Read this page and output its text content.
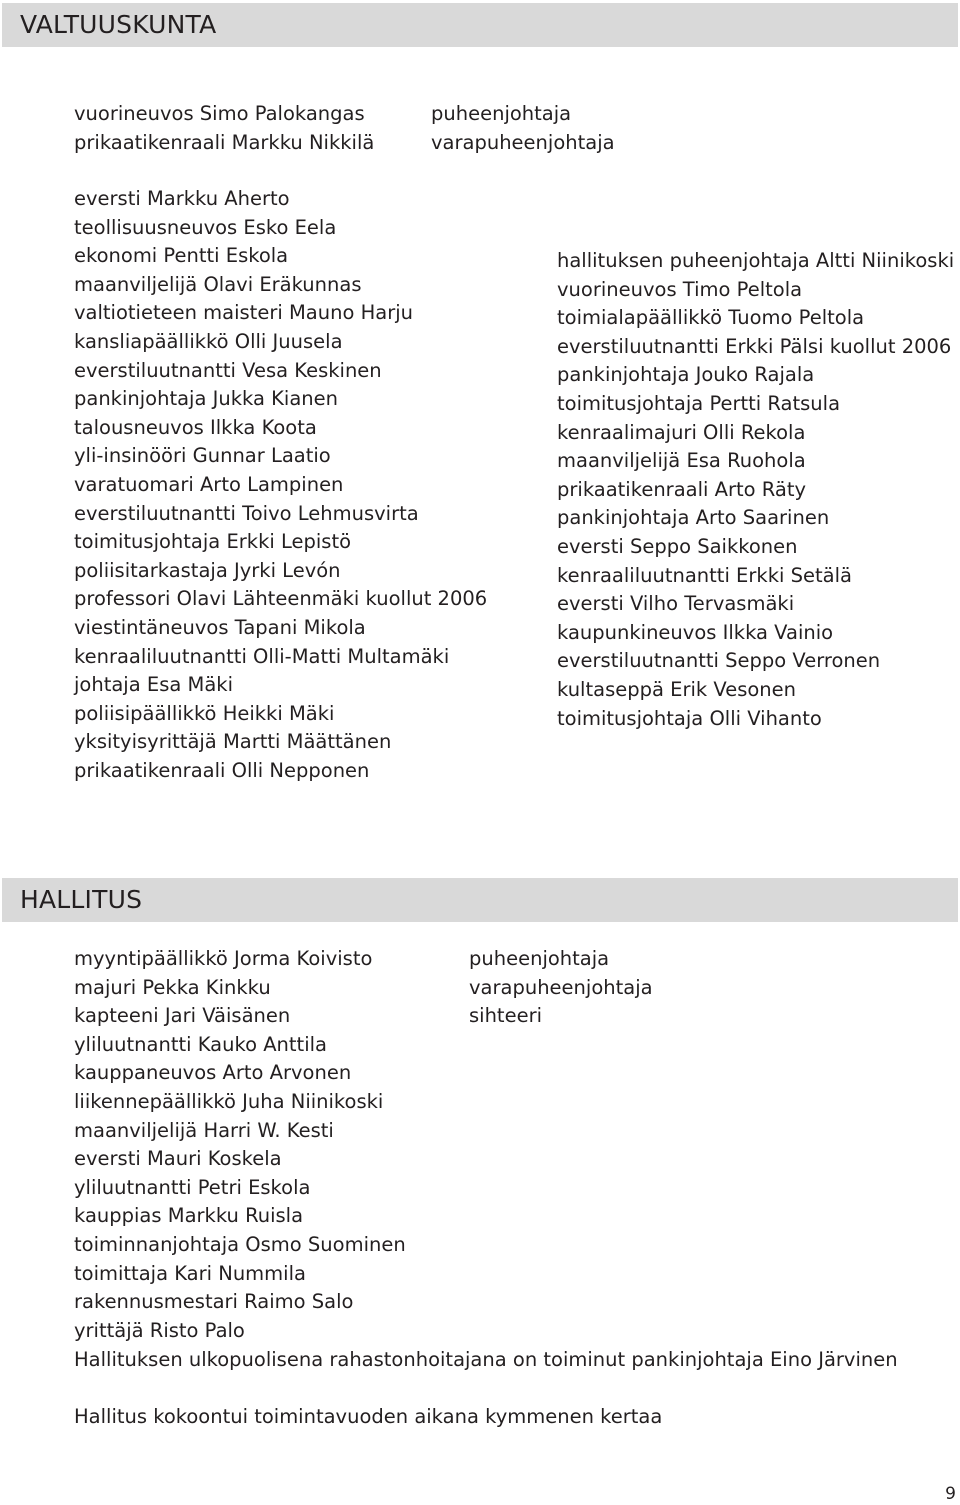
VALTUUSKUNTA
vuorineuvos Simo Palokangas
prikaatikenraali Markku Nikkilä
puheenjohtaja
varapuheenjohtaja
eversti Markku Aherto
teollisuusneuvos Esko Eela
ekonomi Pentti Eskola
maanviljelijä Olavi Eräkunnas
valtiotieteen maisteri Mauno Harju
kansliapäällikkö Olli Juusela
everstiluutnantti Vesa Keskinen
pankinjohtaja Jukka Kianen
talousneuvos Ilkka Koota
yli-insinööri Gunnar Laatio
varatuomari Arto Lampinen
everstiluutnantti Toivo Lehmusvirta
toimitusjohtaja Erkki Lepistö
poliisitarkastaja Jyrki Levón
professori Olavi Lähteenmäki kuollut 2006
viestintäneuvos Tapani Mikola
kenraaliluutnantti Olli-Matti Multamäki
johtaja Esa Mäki
poliisipäällikkö Heikki Mäki
yksityisyrittäjä Martti Määttänen
prikaatikenraali Olli Nepponen
hallituksen puheenjohtaja Altti Niinikoski
vuorineuvos Timo Peltola
toimialapäällikkö Tuomo Peltola
everstiluutnantti Erkki Pälsi kuollut 2006
pankinjohtaja Jouko Rajala
toimitusjohtaja Pertti Ratsula
kenraalimajuri Olli Rekola
maanviljelijä Esa Ruohola
prikaatikenraali Arto Räty
pankinjohtaja Arto Saarinen
eversti Seppo Saikkonen
kenraaliluutnantti Erkki Setälä
eversti Vilho Tervasmäki
kaupunkineuvos Ilkka Vainio
everstiluutnantti Seppo Verronen
kultaseppä Erik Vesonen
toimitusjohtaja Olli Vihanto
HALLITUS
myyntipäällikkö Jorma Koivisto
majuri Pekka Kinkku
kapteeni Jari Väisänen
yliluutnantti Kauko Anttila
kauppaneuvos Arto Arvonen
liikennepäällikkö Juha Niinikoski
maanviljelijä Harri W. Kesti
eversti Mauri Koskela
yliluutnantti Petri Eskola
kauppias Markku Ruisla
toiminnanjohtaja Osmo Suominen
toimittaja Kari Nummila
rakennusmestari Raimo Salo
yrittäjä Risto Palo
puheenjohtaja
varapuheenjohtaja
sihteeri
Hallituksen ulkopuolisena rahastonhoitajana on toiminut pankinjohtaja Eino Järvinen
Hallitus kokoontui toimintavuoden aikana kymmenen kertaa
9
